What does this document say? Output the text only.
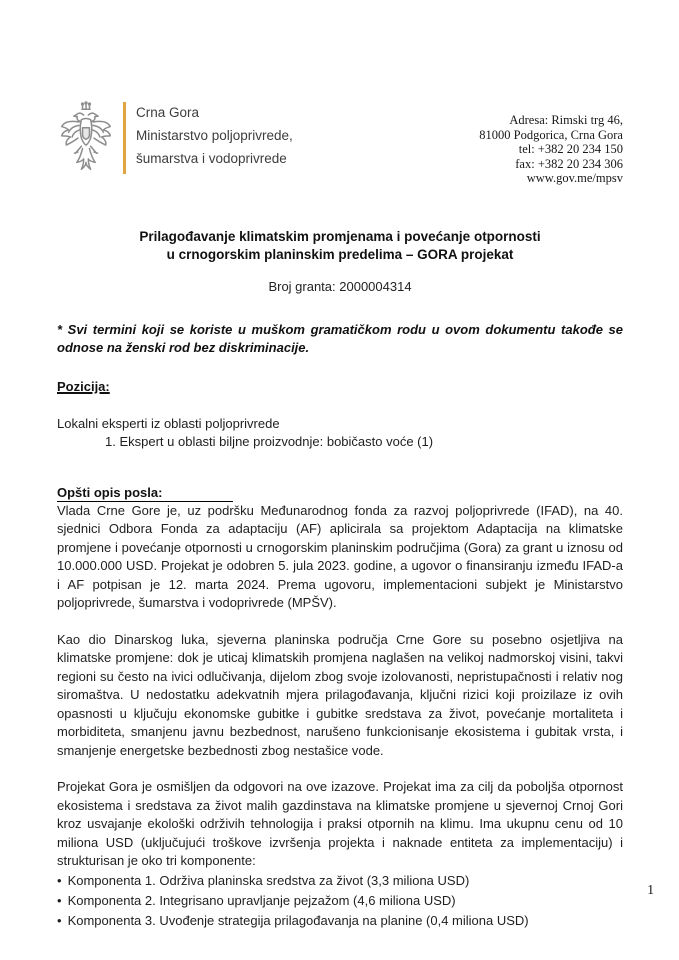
Crna Gora
Ministarstvo poljoprivrede,
šumarstva i vodoprivrede
Adresa: Rimski trg 46,
81000 Podgorica, Crna Gora
tel: +382 20 234 150
fax: +382 20 234 306
www.gov.me/mpsv
Prilagođavanje klimatskim promjenama i povećanje otpornosti
u crnogorskim planinskim predelima – GORA projekat
Broj granta: 2000004314
* Svi termini koji se koriste u muškom gramatičkom rodu u ovom dokumentu takođe se odnose na ženski rod bez diskriminacije.
Pozicija:
Lokalni eksperti iz oblasti poljoprivrede
1. Ekspert u oblasti biljne proizvodnje: bobičasto voće (1)
Opšti opis posla:

Vlada Crne Gore je, uz podršku Međunarodnog fonda za razvoj poljoprivrede (IFAD), na 40. sjednici Odbora Fonda za adaptaciju (AF) aplicirala sa projektom Adaptacija na klimatske promjene i povećanje otpornosti u crnogorskim planinskim područjima (Gora) za grant u iznosu od 10.000.000 USD. Projekat je odobren 5. jula 2023. godine, a ugovor o finansiranju između IFAD-a i AF potpisan je 12. marta 2024. Prema ugovoru, implementacioni subjekt je Ministarstvo poljoprivrede, šumarstva i vodoprivrede (MPŠV).

Kao dio Dinarskog luka, sjeverna planinska područja Crne Gore su posebno osjetljiva na klimatske promjene: dok je uticaj klimatskih promjena naglašen na velikoj nadmorskoj visini, takvi regioni su često na ivici odlučivanja, dijelom zbog svoje izolovanosti, nepristupačnosti i relativ nog siromaštva. U nedostatku adekvatnih mjera prilagođavanja, ključni rizici koji proizilaze iz ovih opasnosti u ključuju ekonomske gubitke i gubitke sredstava za život, povećanje mortaliteta i morbiditeta, smanjenu javnu bezbednost, narušeno funkcionisanje ekosistema i gubitak vrsta, i smanjenje energetske bezbednosti zbog nestašice vode.

Projekat Gora je osmišljen da odgovori na ove izazove. Projekat ima za cilj da poboljša otpornost ekosistema i sredstava za život malih gazdinstava na klimatske promjene u sjevernoj Crnoj Gori kroz usvajanje ekološki održivih tehnologija i praksi otpornih na klimu. Ima ukupnu cenu od 10 miliona USD (uključujući troškove izvršenja projekta i naknade entiteta za implementaciju) i strukturisan je oko tri komponente:

• Komponenta 1. Održiva planinska sredstva za život (3,3 miliona USD)
• Komponenta 2. Integrisano upravljanje pejzažom (4,6 miliona USD)
• Komponenta 3. Uvođenje strategija prilagođavanja na planine (0,4 miliona USD)
1
